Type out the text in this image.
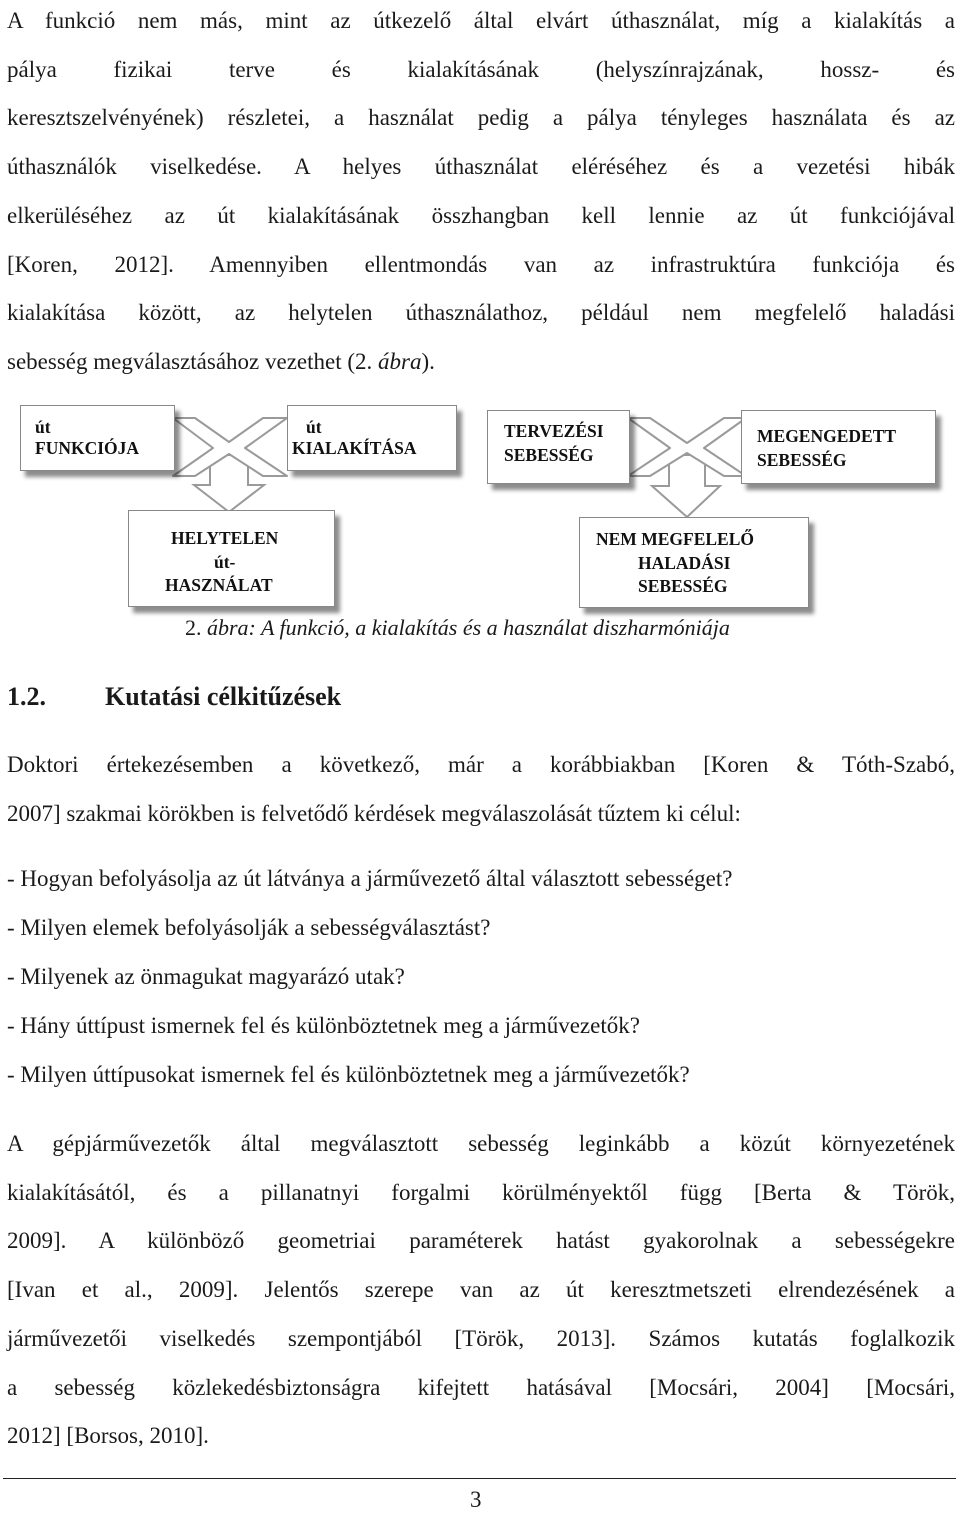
A funkció nem más, mint az útkezelő által elvárt úthasználat, míg a kialakítás a
pálya fizikai terve és kialakításának (helyszínrajzának, hossz- és
keresztszelvényének) részletei, a használat pedig a pálya tényleges használata és az
úthasználók viselkedése. A helyes úthasználat eléréséhez és a vezetési hibák
elkerüléséhez az út kialakításának összhangban kell lennie az út funkciójával
[Koren, 2012]. Amennyiben ellentmondás van az infrastruktúra funkciója és
kialakítása között, az helytelen úthasználathoz, például nem megfelelő haladási
sebesség megválasztásához vezethet (2. ábra).
út
FUNKCIÓJA
út
KIALAKÍTÁSA
TERVEZÉSI
SEBESSÉG
MEGENGEDETT
SEBESSÉG
HELYTELEN
út-
HASZNÁLAT
NEM MEGFELELŐ
HALADÁSI
SEBESSÉG
2. ábra: A funkció, a kialakítás és a használat diszharmóniája
1.2. Kutatási célkitűzések
Doktori értekezésemben a következő, már a korábbiakban [Koren & Tóth-Szabó,
2007] szakmai körökben is felvetődő kérdések megválaszolását tűztem ki célul:
- Hogyan befolyásolja az út látványa a járművezető által választott sebességet?
- Milyen elemek befolyásolják a sebességválasztást?
- Milyenek az önmagukat magyarázó utak?
- Hány úttípust ismernek fel és különböztetnek meg a járművezetők?
- Milyen úttípusokat ismernek fel és különböztetnek meg a járművezetők?
A gépjárművezetők által megválasztott sebesség leginkább a közút környezetének
kialakításától, és a pillanatnyi forgalmi körülményektől függ [Berta & Török,
2009]. A különböző geometriai paraméterek hatást gyakorolnak a sebességekre
[Ivan et al., 2009]. Jelentős szerepe van az út keresztmetszeti elrendezésének a
járművezetői viselkedés szempontjából [Török, 2013]. Számos kutatás foglalkozik
a sebesség közlekedésbiztonságra kifejtett hatásával [Mocsári, 2004] [Mocsári,
2012] [Borsos, 2010].
3
